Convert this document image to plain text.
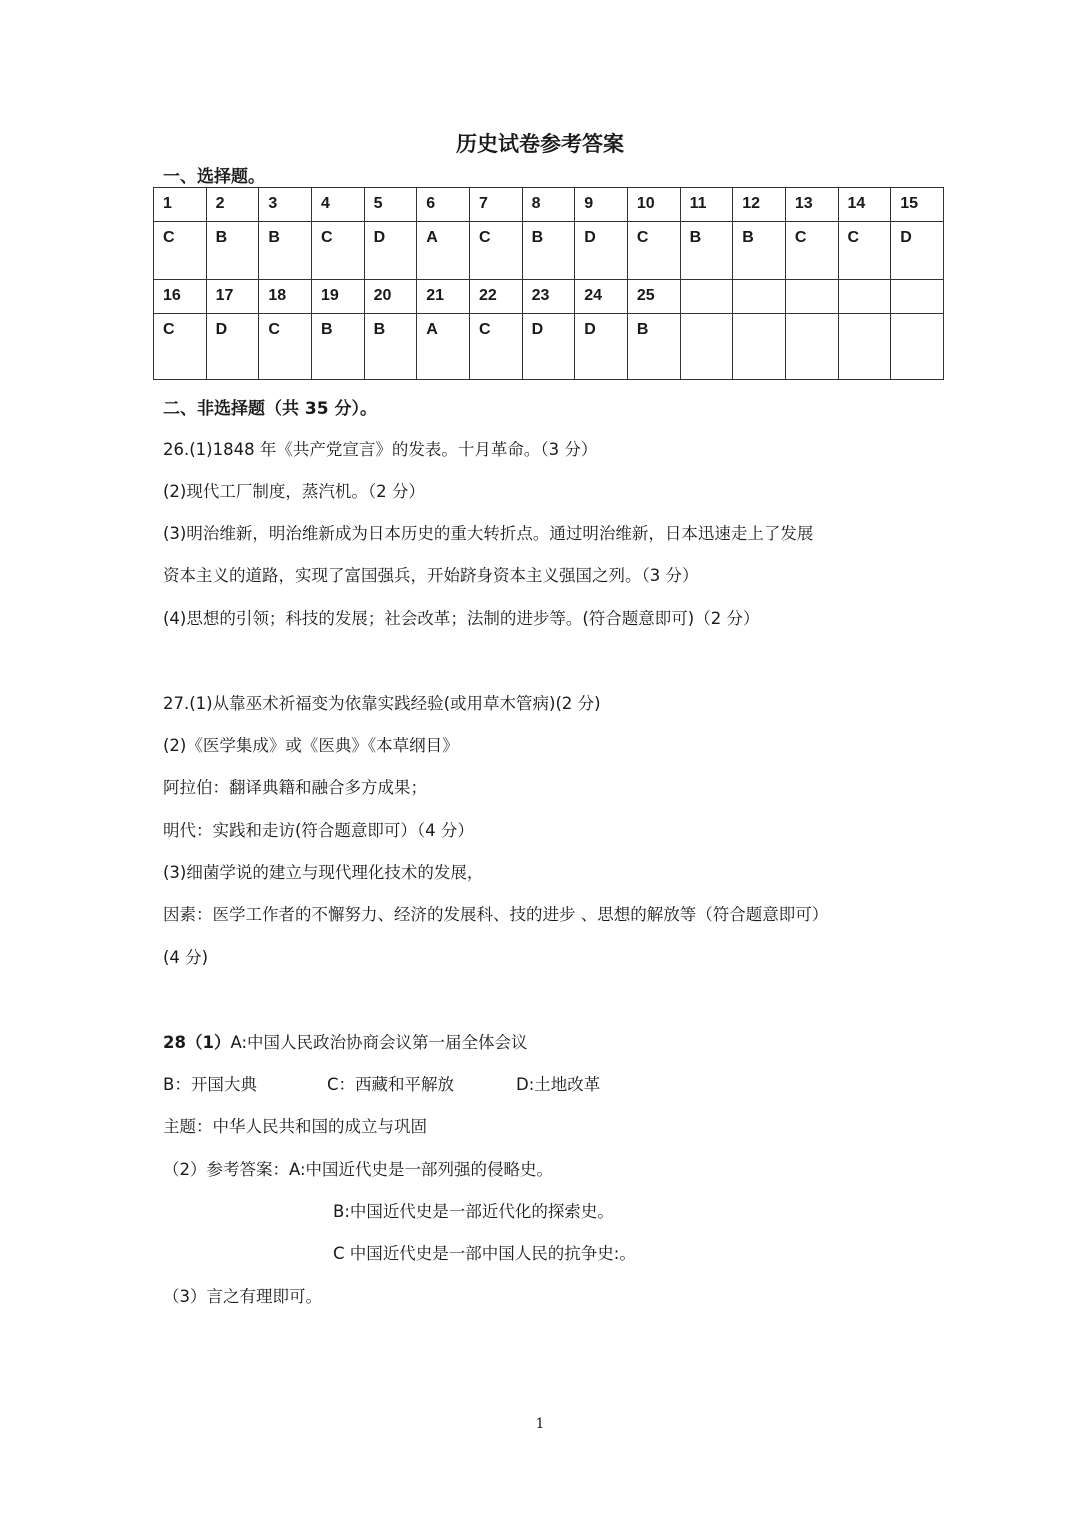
历史试卷参考答案
一、选择题。
1	2	3	4	5	6	7	8	9	10	11	12	13	14	15
C	B	B	C	D	A	C	B	D	C	B	B	C	C	D
16	17	18	19	20	21	22	23	24	25					
C	D	C	B	B	A	C	D	D	B					
二、非选择题（共 35 分）。
26.(1)1848 年《共产党宣言》的发表。十月革命。（3 分）
(2)现代工厂制度，蒸汽机。（2 分）
(3)明治维新，明治维新成为日本历史的重大转折点。通过明治维新，日本迅速走上了发展
资本主义的道路，实现了富国强兵，开始跻身资本主义强国之列。（3 分）
(4)思想的引领；科技的发展；社会改革；法制的进步等。(符合题意即可)（2 分）
27.(1)从靠巫术祈福变为依靠实践经验(或用草木管病)(2 分)
(2)《医学集成》或《医典》《本草纲目》
阿拉伯：翻译典籍和融合多方成果；
明代：实践和走访(符合题意即可）（4 分）
(3)细菌学说的建立与现代理化技术的发展，
因素：医学工作者的不懈努力、经济的发展科、技的进步 、思想的解放等（符合题意即可）
(4 分)
28（1）A:中国人民政治协商会议第一届全体会议
B：开国大典	C：西藏和平解放	D:土地改革
主题：中华人民共和国的成立与巩固
（2）参考答案：A:中国近代史是一部列强的侵略史。
B:中国近代史是一部近代化的探索史。
C 中国近代史是一部中国人民的抗争史:。
（3）言之有理即可。
1
